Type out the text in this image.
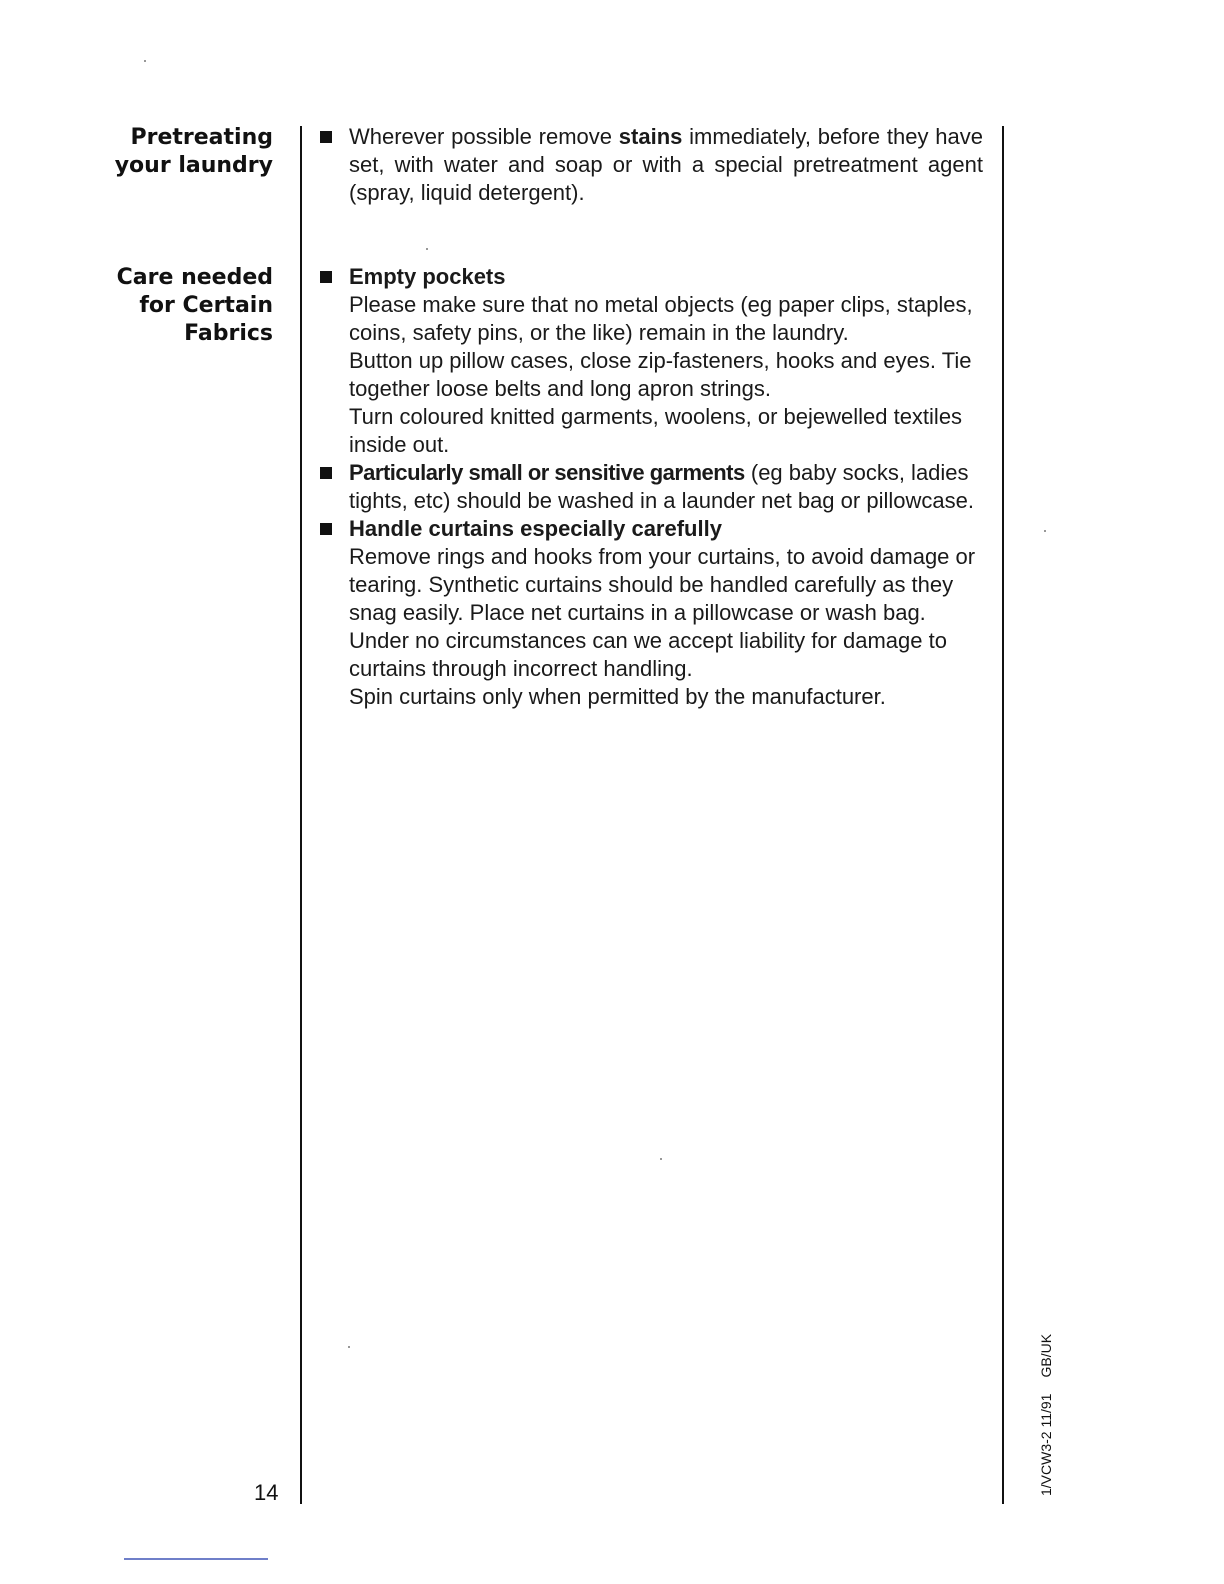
Pretreating
your laundry

Wherever possible remove stains immediately, before they have set, with water and soap or with a special pretreatment agent (spray, liquid detergent).

Care needed
for Certain
Fabrics

Empty pockets

Please make sure that no metal objects (eg paper clips, staples, coins, safety pins, or the like) remain in the laundry.

Button up pillow cases, close zip-fasteners, hooks and eyes. Tie together loose belts and long apron strings.

Turn coloured knitted garments, woolens, or bejewelled textiles inside out.

Particularly small or sensitive garments (eg baby socks, ladies tights, etc) should be washed in a launder net bag or pillowcase.

Handle curtains especially carefully

Remove rings and hooks from your curtains, to avoid damage or tearing. Synthetic curtains should be handled carefully as they snag easily. Place net curtains in a pillowcase or wash bag.

Under no circumstances can we accept liability for damage to curtains through incorrect handling.

Spin curtains only when permitted by the manufacturer.

14	1/VCW3-2 11/91GB/UK
